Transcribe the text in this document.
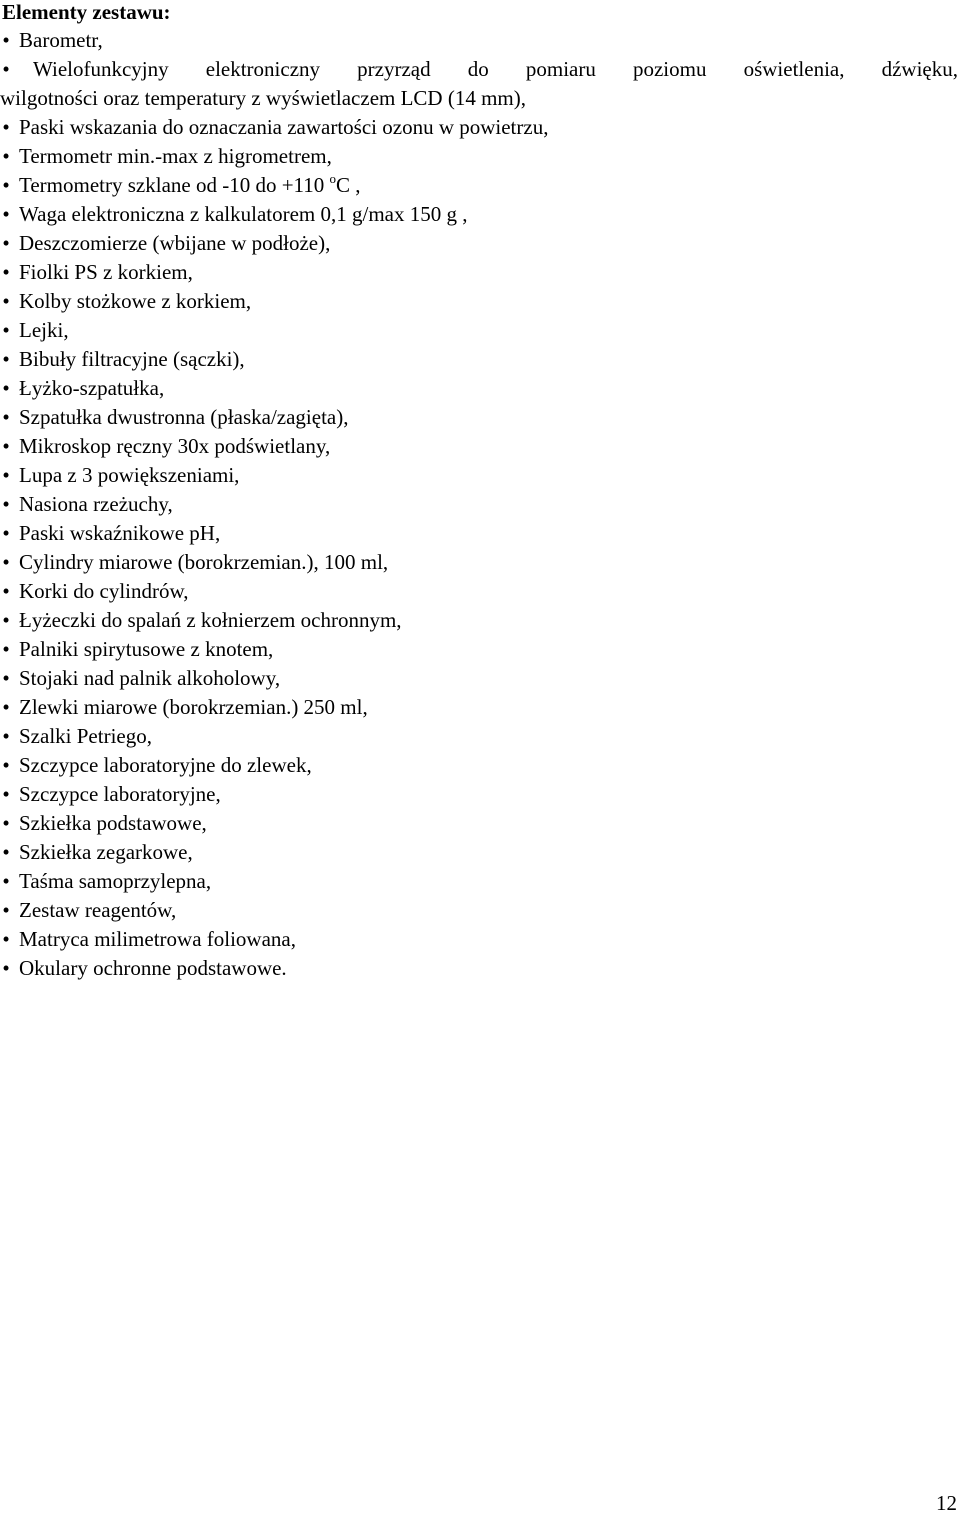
Elementy zestawu:
• Barometr,
•	Wielofunkcyjny elektroniczny przyrząd do pomiaru poziomu oświetlenia, dźwięku,
wilgotności oraz temperatury z wyświetlaczem LCD (14 mm),
• Paski wskazania do oznaczania zawartości ozonu w powietrzu,
• Termometr min.-max z higrometrem,
• Termometry szklane od -10 do +110 $^o$C ,
• Waga elektroniczna z kalkulatorem 0,1 g/max 150 g ,
• Deszczomierze (wbijane w podłoże),
• Fiolki PS z korkiem,
• Kolby stożkowe z korkiem,
• Lejki,
• Bibuły filtracyjne (sączki),
• Łyżko-szpatułka,
• Szpatułka dwustronna (płaska/zagięta),
• Mikroskop ręczny 30x podświetlany,
• Lupa z 3 powiększeniami,
• Nasiona rzeżuchy,
• Paski wskaźnikowe pH,
• Cylindry miarowe (borokrzemian.), 100 ml,
• Korki do cylindrów,
• Łyżeczki do spalań z kołnierzem ochronnym,
• Palniki spirytusowe z knotem,
• Stojaki nad palnik alkoholowy,
• Zlewki miarowe (borokrzemian.) 250 ml,
• Szalki Petriego,
• Szczypce laboratoryjne do zlewek,
• Szczypce laboratoryjne,
• Szkiełka podstawowe,
• Szkiełka zegarkowe,
• Taśma samoprzylepna,
• Zestaw reagentów,
• Matryca milimetrowa foliowana,
• Okulary ochronne podstawowe.
12
